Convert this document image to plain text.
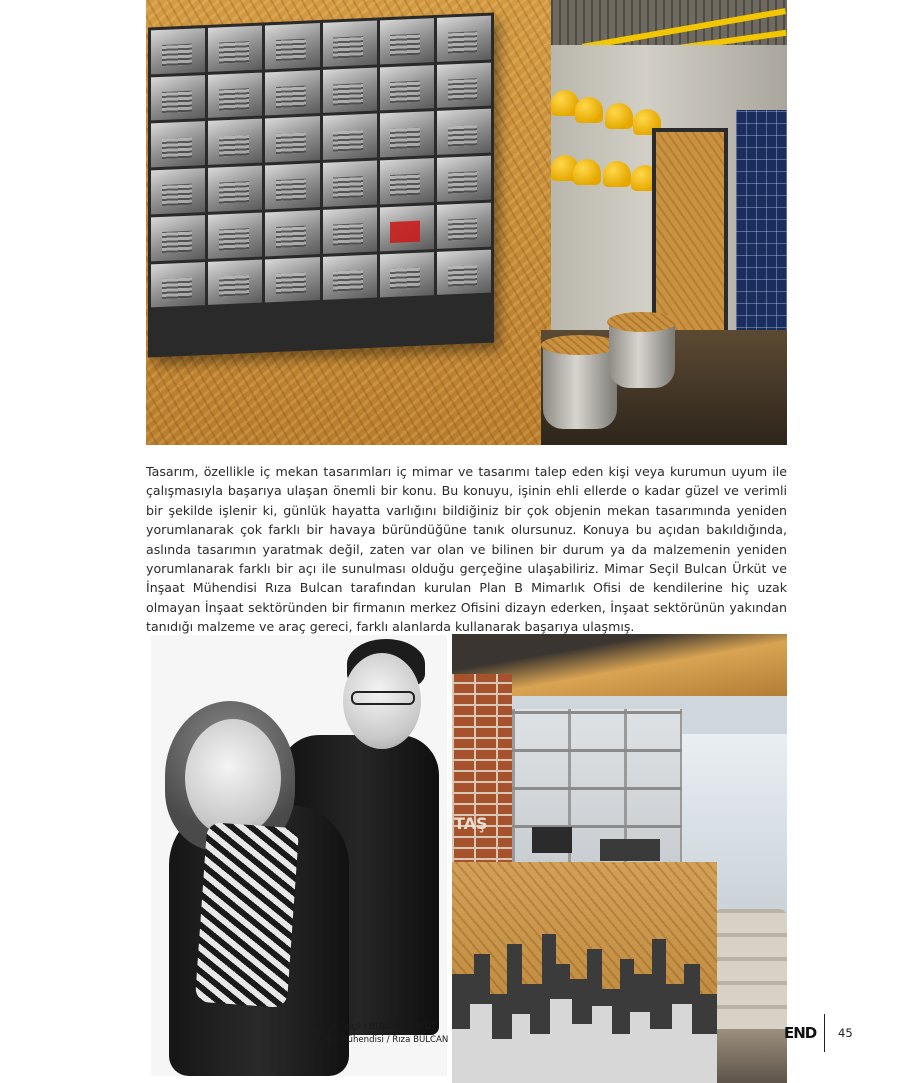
Tasarım, özellikle iç mekan tasarımları iç mimar ve tasarımı talep eden kişi veya kurumun uyum ile çalışmasıyla başarıya ulaşan önemli bir konu. Bu konuyu, işinin ehli ellerde o kadar güzel ve verimli bir şekilde işlenir ki, günlük hayatta varlığını bildiğiniz bir çok objenin mekan tasarımında yeniden yorumlanarak çok farklı bir havaya büründüğüne tanık olursunuz. Konuya bu açıdan bakıldığında, aslında tasarımın yaratmak değil, zaten var olan ve bilinen bir durum ya da malzemenin yeniden yorumlanarak farklı bir açı ile sunulması olduğu gerçeğine ulaşabiliriz. Mimar Seçil Bulcan Ürküt ve İnşaat Mühendisi Rıza Bulcan tarafından kurulan Plan B Mimarlık Ofisi de kendilerine hiç uzak olmayan İnşaat sektöründen bir firmanın merkez Ofisini dizayn ederken, İnşaat sektörünün yakından tanıdığı malzeme ve araç gereci, farklı alanlarda kullanarak başarıya ulaşmış.

Mimar Seçil / BULCAN ÜRKÜT
İnşaat Mühendisi / Rıza BULCAN
TAŞ
END 45
